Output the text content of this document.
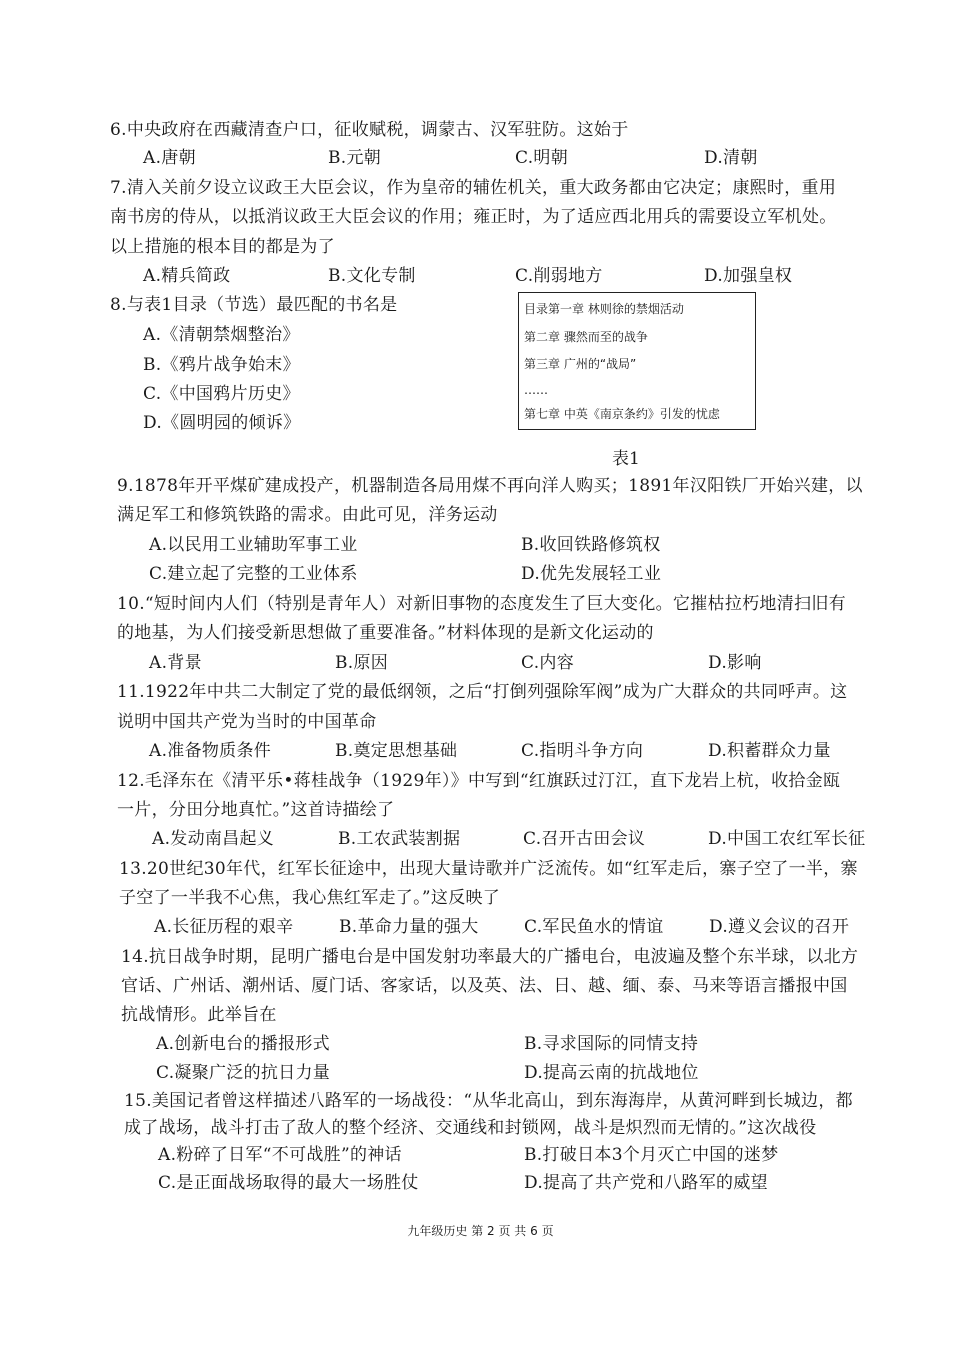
6.中央政府在西藏清查户口，征收赋税，调蒙古、汉军驻防。这始于
A.唐朝	B.元朝	C.明朝	D.清朝
7.清入关前夕设立议政王大臣会议，作为皇帝的辅佐机关，重大政务都由它决定；康熙时，重用
南书房的侍从，以抵消议政王大臣会议的作用；雍正时，为了适应西北用兵的需要设立军机处。
以上措施的根本目的都是为了
A.精兵简政	B.文化专制	C.削弱地方	D.加强皇权
8.与表1目录（节选）最匹配的书名是
A.《清朝禁烟整治》
B.《鸦片战争始末》
C.《中国鸦片历史》
D.《圆明园的倾诉》
目录第一章 林则徐的禁烟活动
第二章 骤然而至的战争
第三章 广州的“战局”
……
第七章 中英《南京条约》引发的忧虑
表1
9.1878年开平煤矿建成投产，机器制造各局用煤不再向洋人购买；1891年汉阳铁厂开始兴建，以
满足军工和修筑铁路的需求。由此可见，洋务运动
A.以民用工业辅助军事工业	B.收回铁路修筑权
C.建立起了完整的工业体系	D.优先发展轻工业
10.“短时间内人们（特别是青年人）对新旧事物的态度发生了巨大变化。它摧枯拉朽地清扫旧有
的地基，为人们接受新思想做了重要准备。”材料体现的是新文化运动的
A.背景	B.原因	C.内容	D.影响
11.1922年中共二大制定了党的最低纲领，之后“打倒列强除军阀”成为广大群众的共同呼声。这
说明中国共产党为当时的中国革命
A.准备物质条件	B.奠定思想基础	C.指明斗争方向	D.积蓄群众力量
12.毛泽东在《清平乐•蒋桂战争（1929年）》中写到“红旗跃过汀江，直下龙岩上杭，收拾金瓯
一片，分田分地真忙。”这首诗描绘了
A.发动南昌起义	B.工农武装割据	C.召开古田会议	D.中国工农红军长征
13.20世纪30年代，红军长征途中，出现大量诗歌并广泛流传。如“红军走后，寨子空了一半，寨
子空了一半我不心焦，我心焦红军走了。”这反映了
A.长征历程的艰辛	B.革命力量的强大	C.军民鱼水的情谊	D.遵义会议的召开
14.抗日战争时期，昆明广播电台是中国发射功率最大的广播电台，电波遍及整个东半球，以北方
官话、广州话、潮州话、厦门话、客家话，以及英、法、日、越、缅、泰、马来等语言播报中国
抗战情形。此举旨在
A.创新电台的播报形式	B.寻求国际的同情支持
C.凝聚广泛的抗日力量	D.提高云南的抗战地位
15.美国记者曾这样描述八路军的一场战役：“从华北高山，到东海海岸，从黄河畔到长城边，都
成了战场，战斗打击了敌人的整个经济、交通线和封锁网，战斗是炽烈而无情的。”这次战役
A.粉碎了日军“不可战胜”的神话	B.打破日本3个月灭亡中国的迷梦
C.是正面战场取得的最大一场胜仗	D.提高了共产党和八路军的威望
九年级历史 第 2 页 共 6 页
